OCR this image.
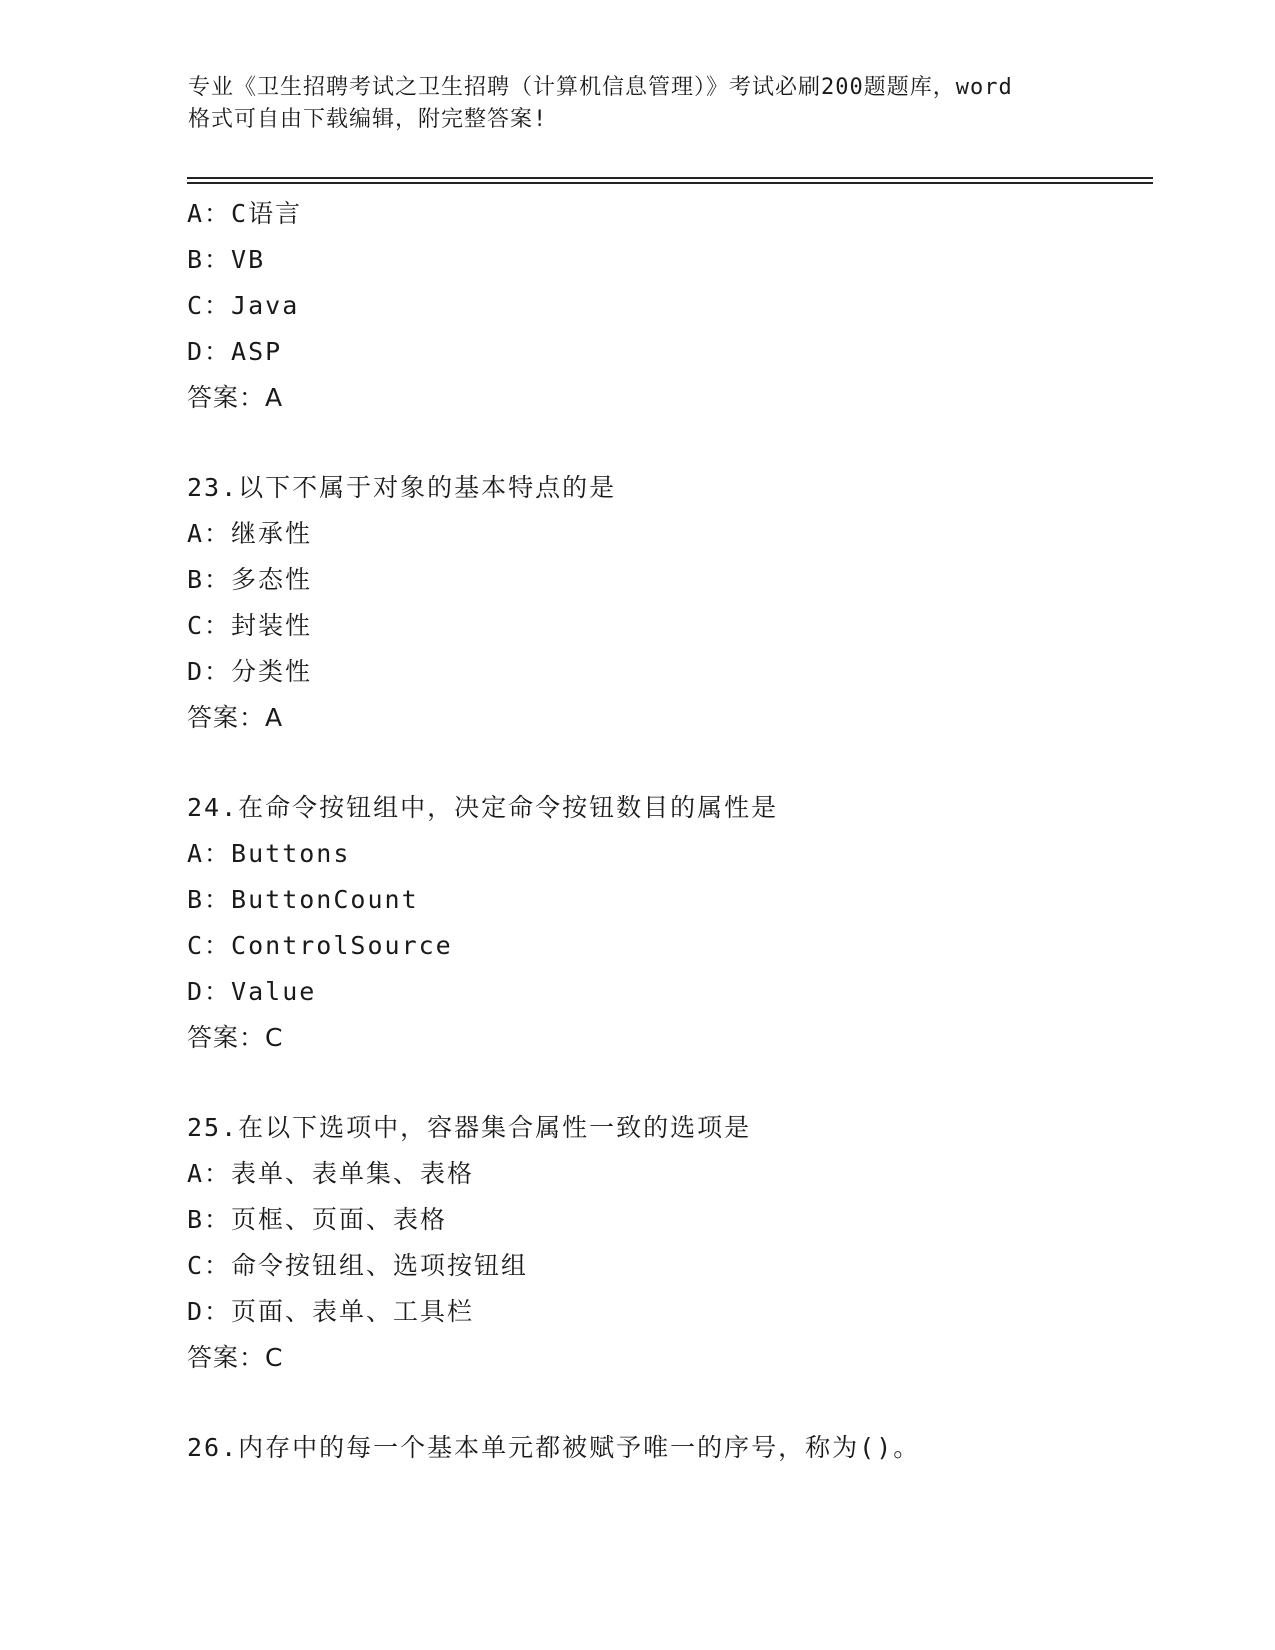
专业《卫生招聘考试之卫生招聘（计算机信息管理）》考试必刷200题题库，word
格式可自由下载编辑，附完整答案!
A：C语言
B：VB
C：Java
D：ASP
答案：A
23.以下不属于对象的基本特点的是
A：继承性
B：多态性
C：封装性
D：分类性
答案：A
24.在命令按钮组中，决定命令按钮数目的属性是
A：Buttons
B：ButtonCount
C：ControlSource
D：Value
答案：C
25.在以下选项中，容器集合属性一致的选项是
A：表单、表单集、表格
B：页框、页面、表格
C：命令按钮组、选项按钮组
D：页面、表单、工具栏
答案：C
26.内存中的每一个基本单元都被赋予唯一的序号，称为()。
